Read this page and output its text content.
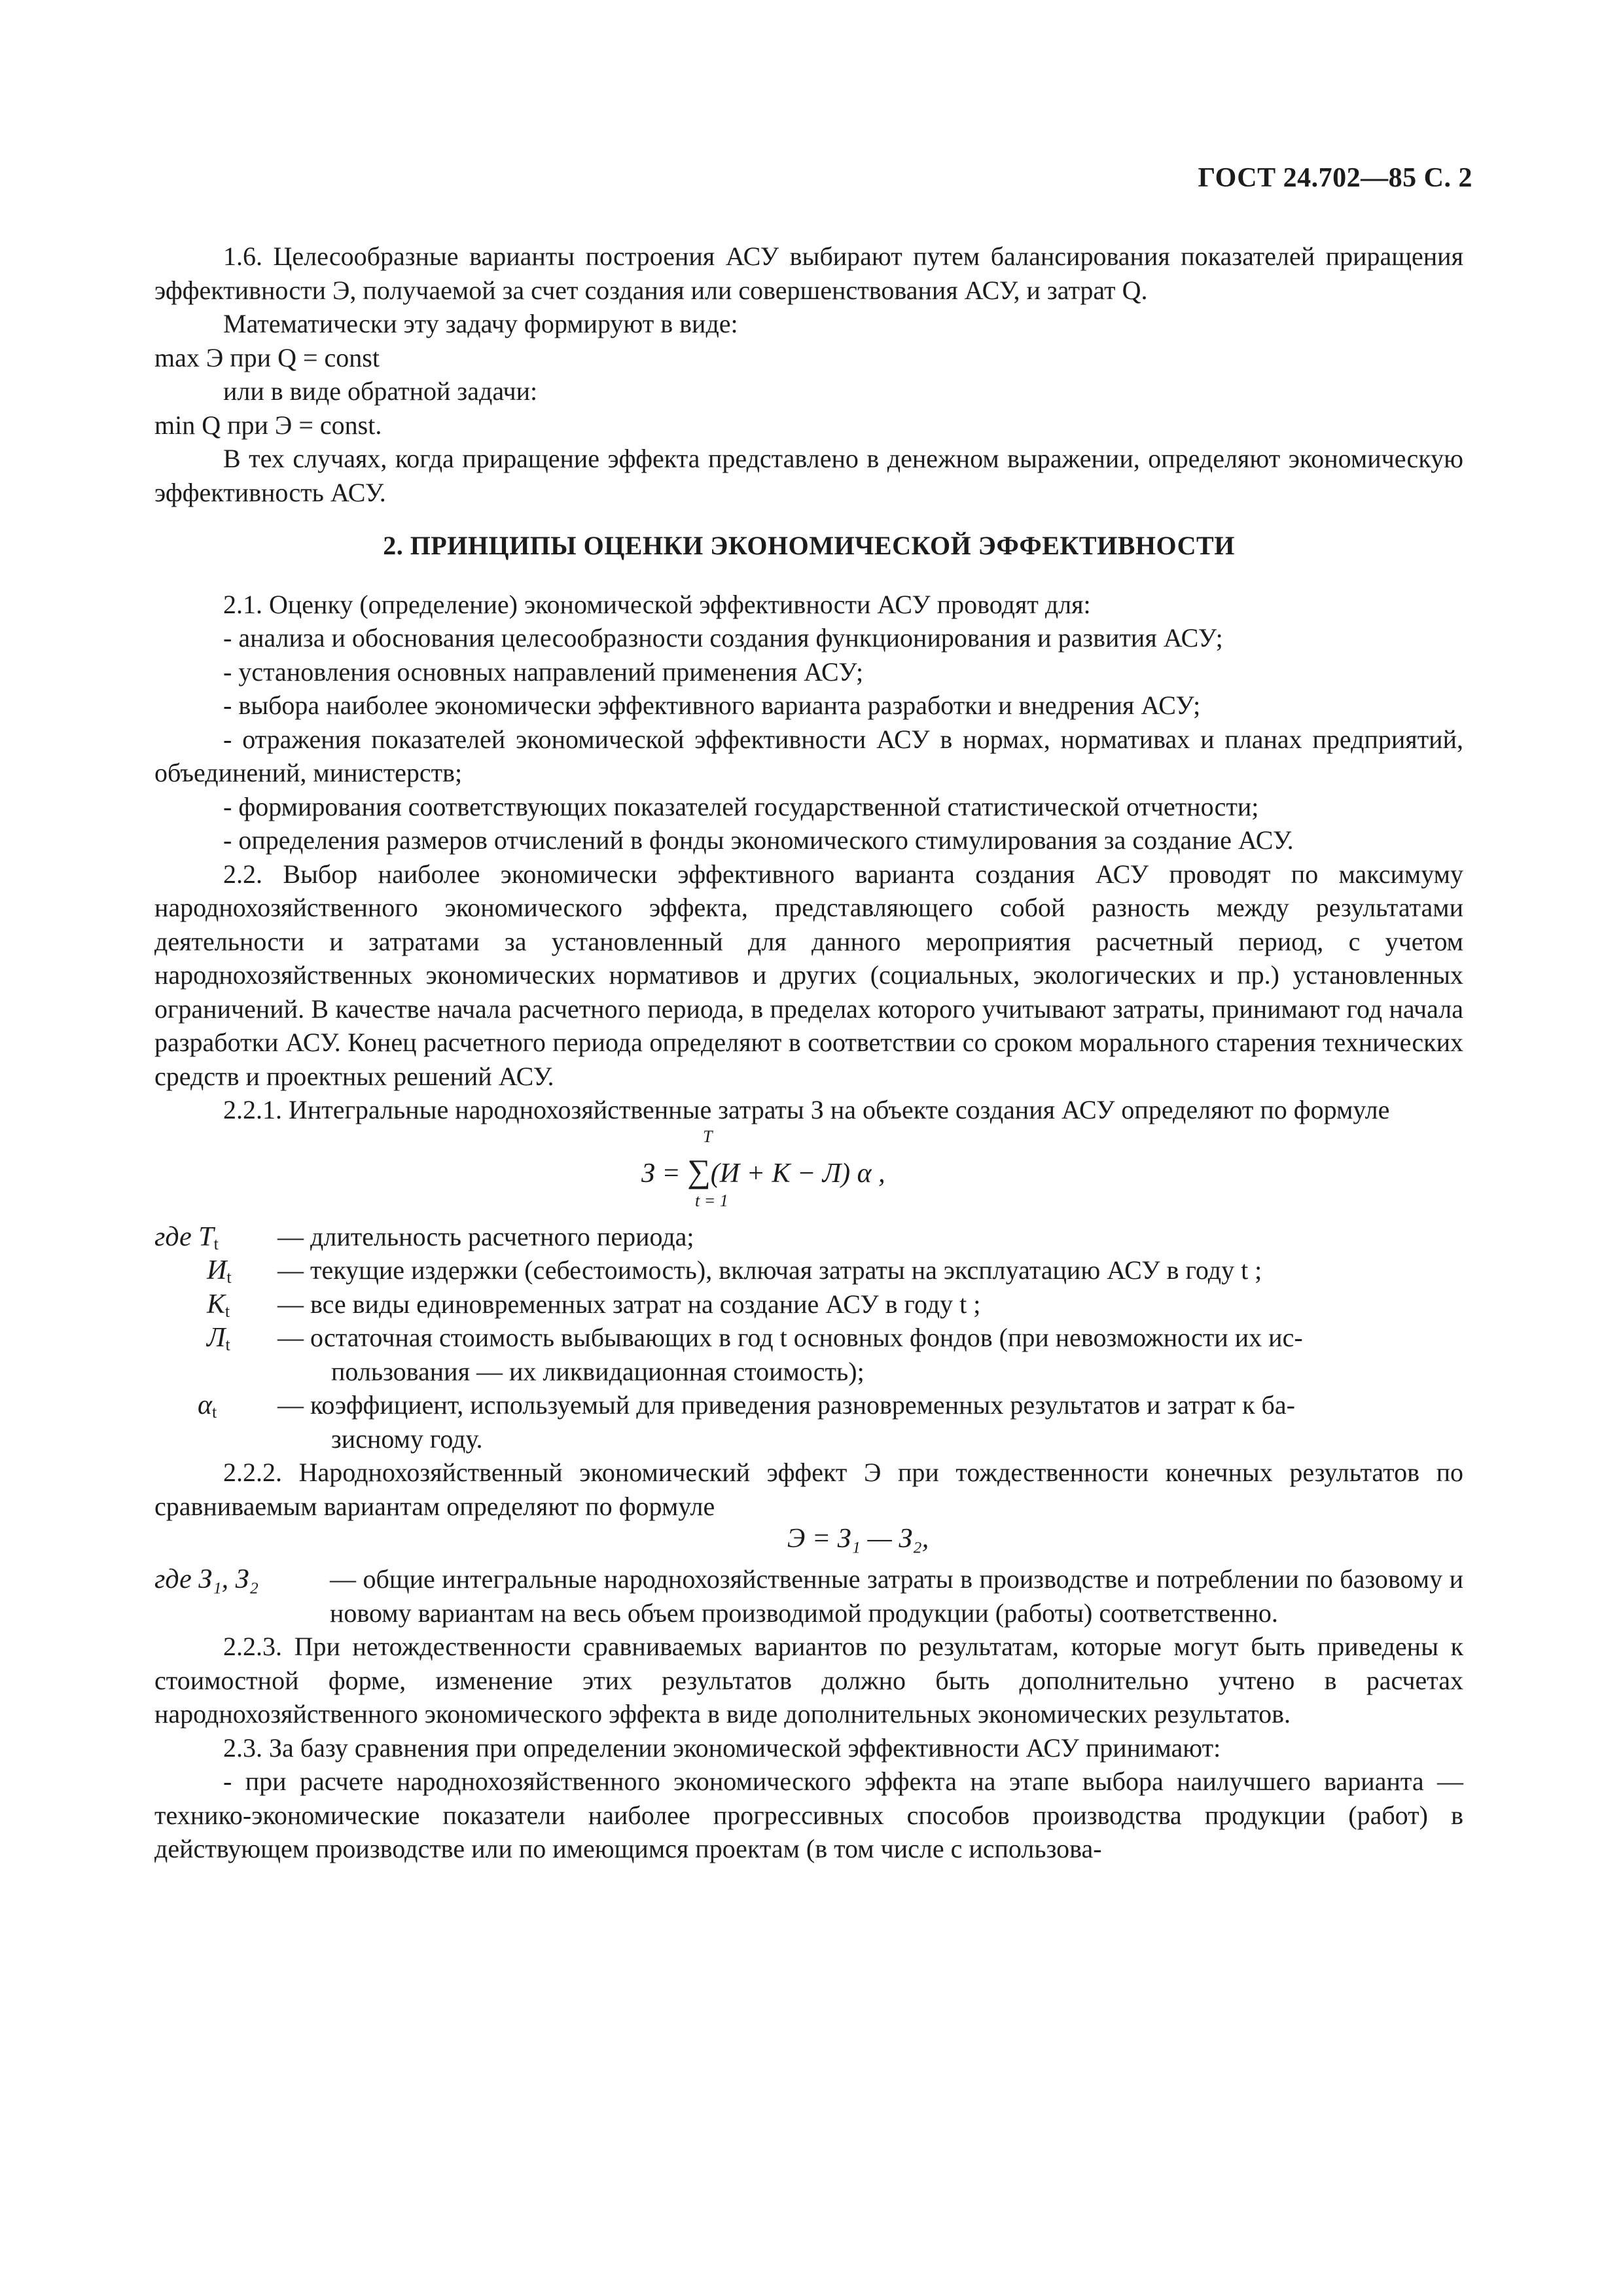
ГОСТ 24.702—85 С. 2

1.6. Целесообразные варианты построения АСУ выбирают путем балансирования показателей приращения эффективности Э, получаемой за счет создания или совершенствования АСУ, и затрат Q.

Математически эту задачу формируют в виде:

max Э при Q = const

или в виде обратной задачи:

min Q при Э = const.

В тех случаях, когда приращение эффекта представлено в денежном выражении, определяют экономическую эффективность АСУ.

2. ПРИНЦИПЫ ОЦЕНКИ ЭКОНОМИЧЕСКОЙ ЭФФЕКТИВНОСТИ

2.1. Оценку (определение) экономической эффективности АСУ проводят для:

- анализа и обоснования целесообразности создания функционирования и развития АСУ;

- установления основных направлений применения АСУ;

- выбора наиболее экономически эффективного варианта разработки и внедрения АСУ;

- отражения показателей экономической эффективности АСУ в нормах, нормативах и планах предприятий, объединений, министерств;

- формирования соответствующих показателей государственной статистической отчетности;

- определения размеров отчислений в фонды экономического стимулирования за создание АСУ.

2.2. Выбор наиболее экономически эффективного варианта создания АСУ проводят по максимуму народнохозяйственного экономического эффекта, представляющего собой разность между результатами деятельности и затратами за установленный для данного мероприятия расчетный период, с учетом народнохозяйственных экономических нормативов и других (социальных, экологических и пр.) установленных ограничений. В качестве начала расчетного периода, в пределах которого учитывают затраты, принимают год начала разработки АСУ. Конец расчетного периода определяют в соответствии со сроком морального старения технических средств и проектных решений АСУ.

2.2.1. Интегральные народнохозяйственные затраты З на объекте создания АСУ определяют по формуле

T
З = ∑(И + К − Л) α ,
t = 1
где $T_t$	— длительность расчетного периода;
$И_t$	— текущие издержки (себестоимость), включая затраты на эксплуатацию АСУ в году t ;
$К_t$	— все виды единовременных затрат на создание АСУ в году t ;
$Л_t$	— остаточная стоимость выбывающих в год t основных фондов (при невозможности их ис-
пользования — их ликвидационная стоимость);
$\alpha_t$	— коэффициент, используемый для приведения разновременных результатов и затрат к ба-
зисному году.

2.2.2. Народнохозяйственный экономический эффект Э при тождественности конечных результатов по сравниваемым вариантам определяют по формуле

Э = З₁ — З₂,
где З₁, З₂	— общие интегральные народнохозяйственные затраты в производстве и потреблении по базовому и новому вариантам на весь объем производимой продукции (работы) соответственно.

2.2.3. При нетождественности сравниваемых вариантов по результатам, которые могут быть приведены к стоимостной форме, изменение этих результатов должно быть дополнительно учтено в расчетах народнохозяйственного экономического эффекта в виде дополнительных экономических результатов.

2.3. За базу сравнения при определении экономической эффективности АСУ принимают:

- при расчете народнохозяйственного экономического эффекта на этапе выбора наилучшего варианта — технико-экономические показатели наиболее прогрессивных способов производства продукции (работ) в действующем производстве или по имеющимся проектам (в том числе с использова-
